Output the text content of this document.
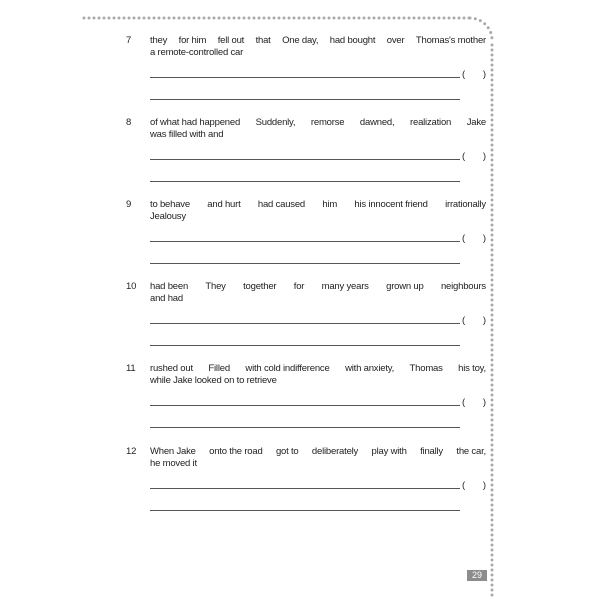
7	they for him fell out that One day, had bought over Thomas's mother
a remote-controlled car
( )
8	of what had happened Suddenly, remorse dawned, realization Jake
was filled with and
( )
9	to behave and hurt had caused him his innocent friend irrationally
Jealousy
( )
10	had been They together for many years grown up neighbours
and had
( )
11	rushed out Filled with cold indifference with anxiety, Thomas his toy,
while Jake looked on to retrieve
( )
12	When Jake onto the road got to deliberately play with finally the car,
he moved it
( )
29
